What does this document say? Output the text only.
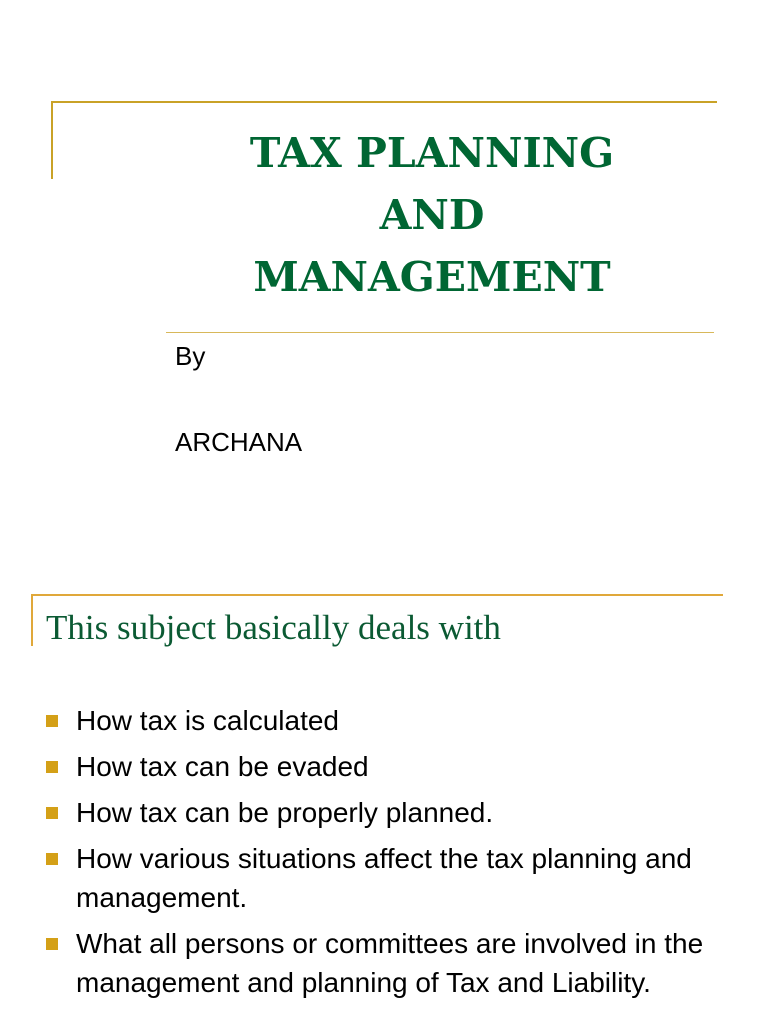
TAX PLANNING
AND
MANAGEMENT
By
ARCHANA
This subject basically deals with
How tax is calculated
How tax can be evaded
How tax can be properly planned.
How various situations affect the tax planning and management.
What all persons or committees are involved in the management and planning of Tax and Liability.
